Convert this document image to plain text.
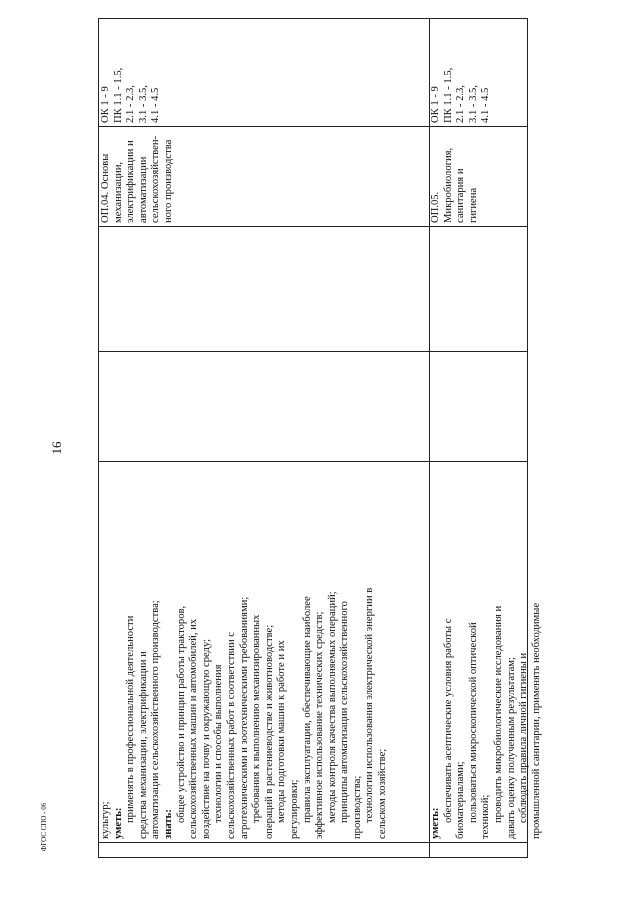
16
ФГОС СПО - 06	культур; уметь:

применять в профессиональной деятельности средства механизации, электрификации и автоматизации сельскохозяйственного производства; знать:

общее устройство и принцип работы тракторов, сельскохозяйственных машин и автомобилей, их воздействие на почву и окружающую среду; технологии и способы выполнения сельскохозяйственных работ в соответствии с агротехническими и зоотехническими требованиями; требования к выполнению механизированных операций в растениеводстве и животноводстве; методы подготовки машин к работе и их регулировки; правила эксплуатации, обеспечивающие наиболее эффективное использование технических средств; методы контроля качества выполняемых операций; принципы автоматизации сельскохозяйственного производства; технологии использования электрической энергии в сельском хозяйстве;

ОП.04. Основы механизации, электрификации и автоматизации сельскохозяйствен-ного производства

ОК 1 - 9 ПК 1.1 - 1.5, 2.1 - 2.3, 3.1 - 3.5, 4.1 - 4.5

уметь:

обеспечивать асептические условия работы с биоматериалами; пользоваться микроскопической оптической техникой; проводить микробиологические исследования и давать оценку полученным результатам; соблюдать правила личной гигиены и промышленной санитарии, применять необходимые

ОП.05. Микробиология, санитария и гигиена

ОК 1 - 9 ПК 1.1 - 1.5, 2.1 - 2.3, 3.1 - 3.5, 4.1 - 4.5
